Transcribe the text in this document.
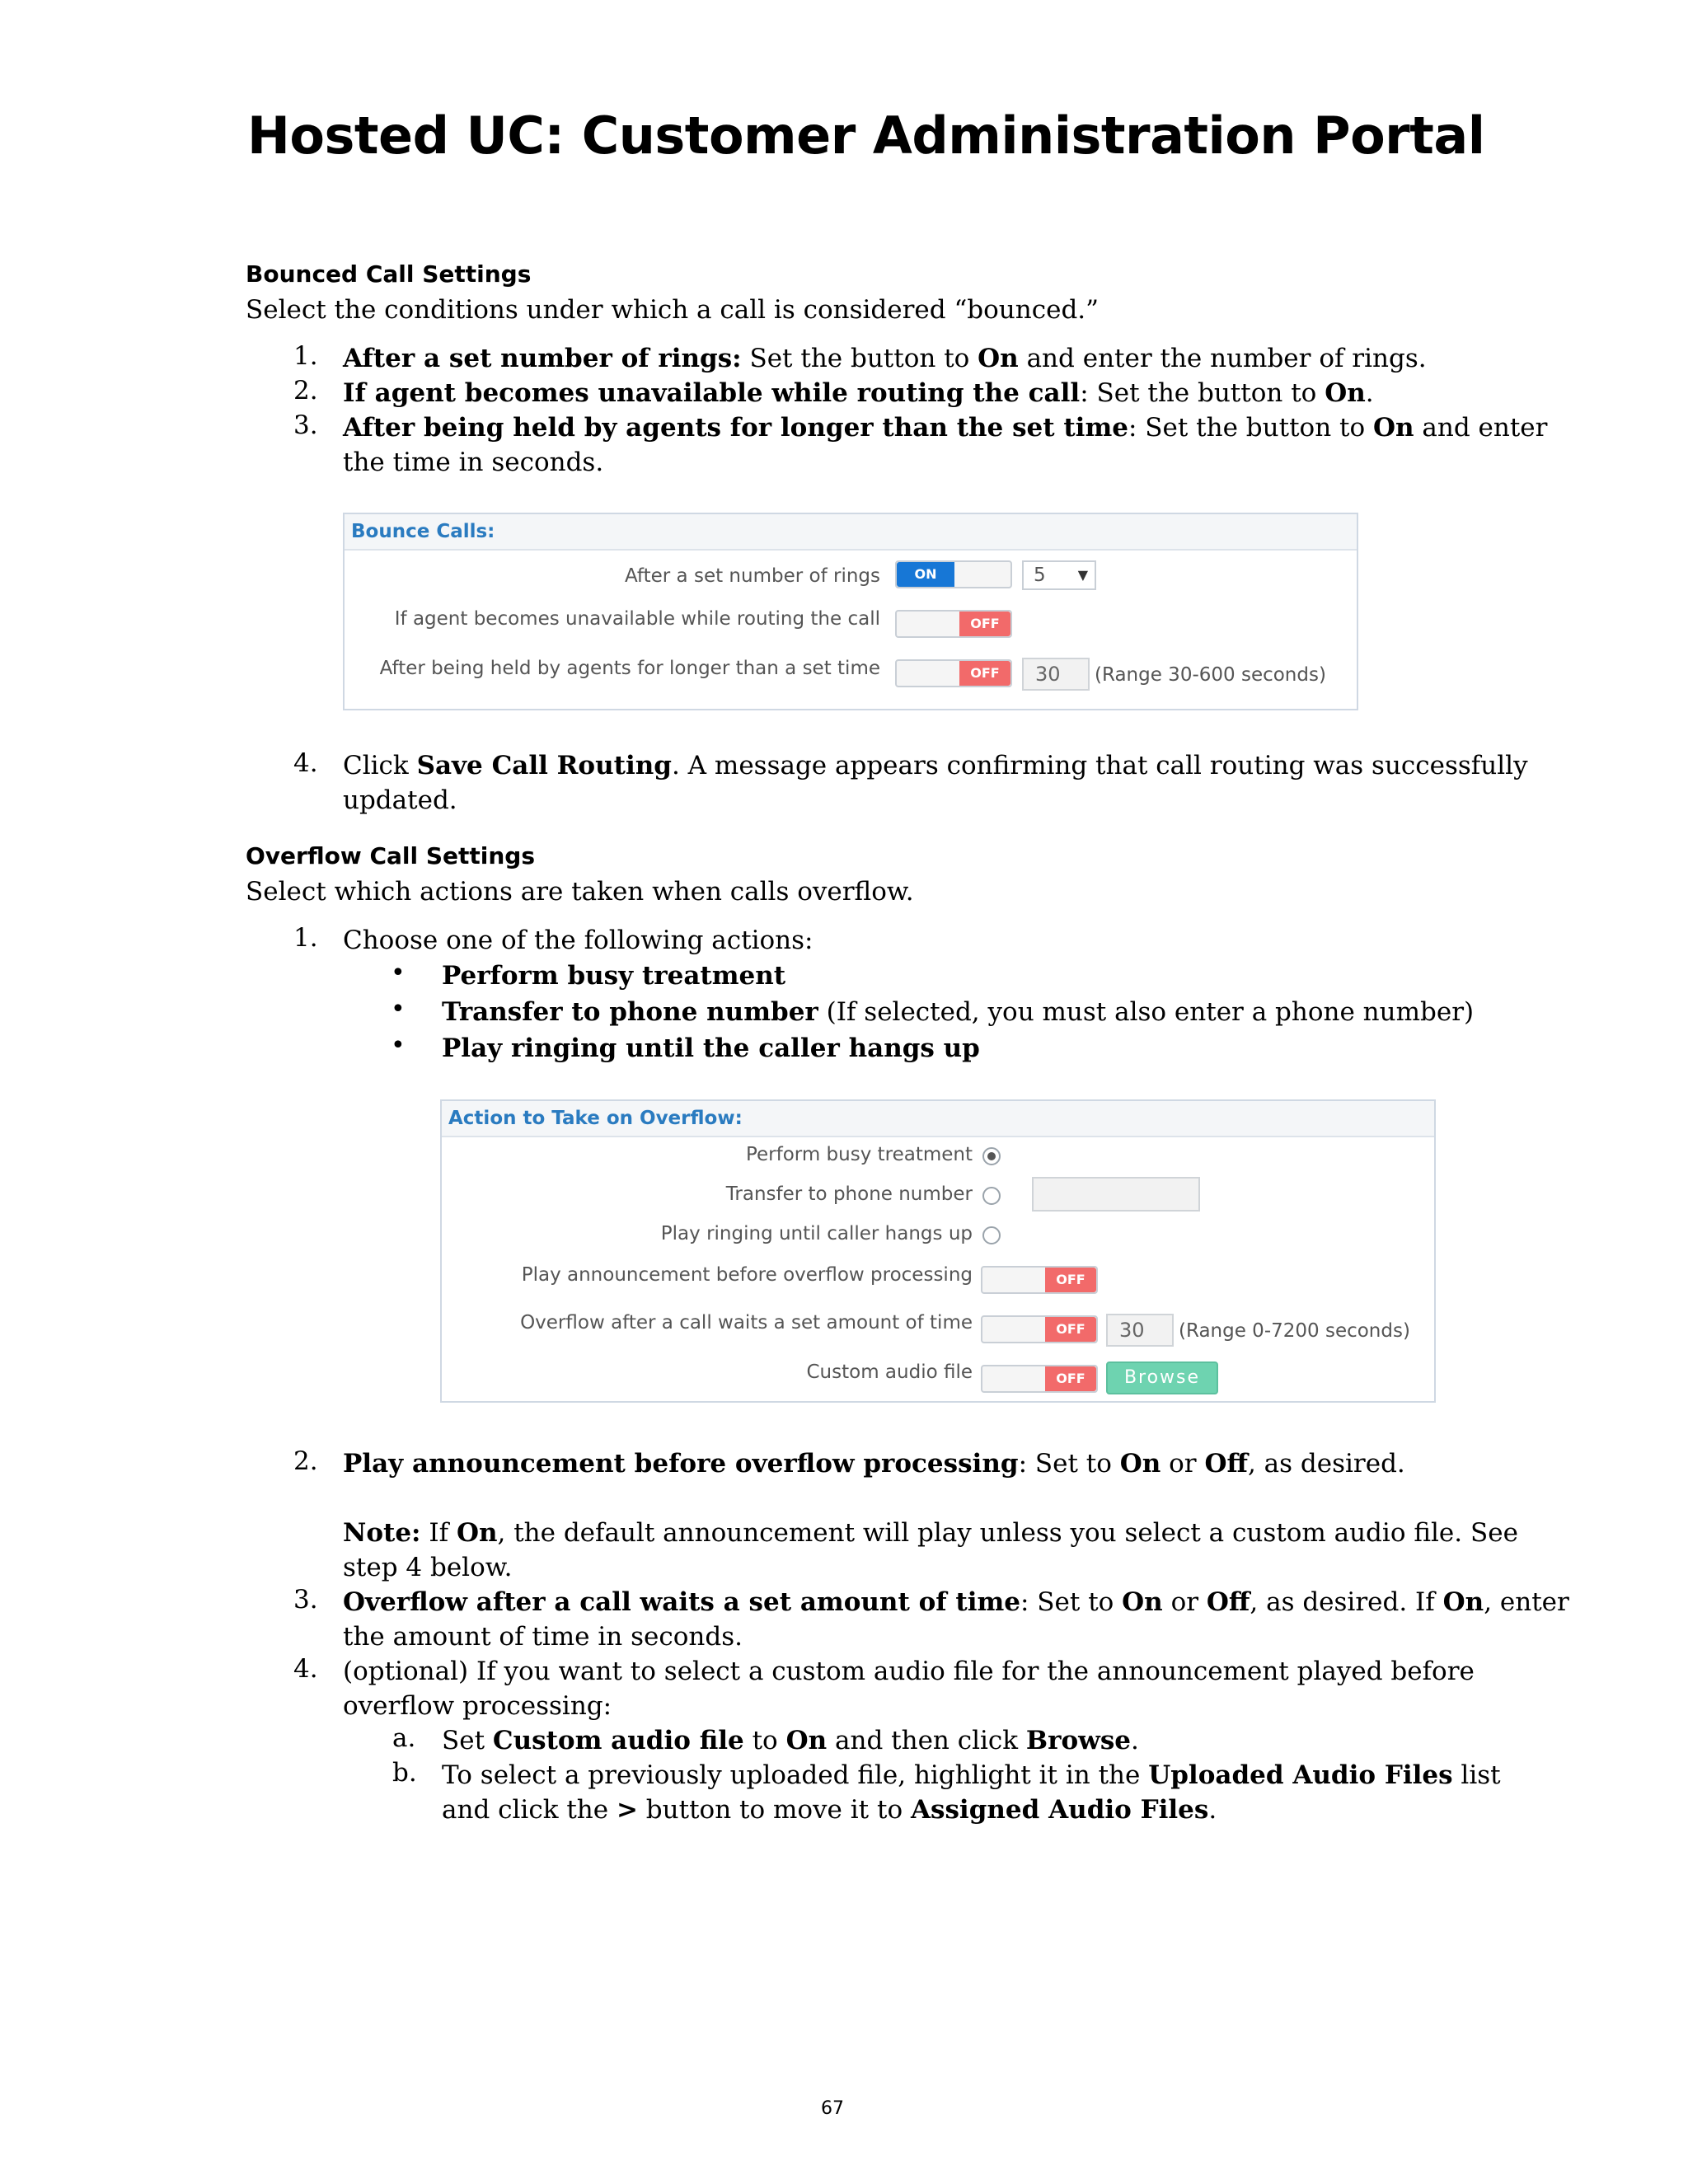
Hosted UC: Customer Administration Portal
Bounced Call Settings
Select the conditions under which a call is considered “bounced.”
1. After a set number of rings: Set the button to On and enter the number of rings.
2. If agent becomes unavailable while routing the call: Set the button to On.
3. After being held by agents for longer than the set time: Set the button to On and enter
the time in seconds.
Bounce Calls:
After a set number of rings	ON	5 ▼
If agent becomes unavailable while routing the call	OFF
After being held by agents for longer than a set time	OFF	30	(Range 30-600 seconds)
4. Click Save Call Routing. A message appears confirming that call routing was successfully
updated.
Overflow Call Settings
Select which actions are taken when calls overflow.
1. Choose one of the following actions:
• Perform busy treatment
• Transfer to phone number (If selected, you must also enter a phone number)
• Play ringing until the caller hangs up
Action to Take on Overflow:
Perform busy treatment
Transfer to phone number
Play ringing until caller hangs up
Play announcement before overflow processing	OFF
Overflow after a call waits a set amount of time	OFF	30	(Range 0-7200 seconds)
Custom audio file	OFF	Browse
2. Play announcement before overflow processing: Set to On or Off, as desired.
Note: If On, the default announcement will play unless you select a custom audio file. See
step 4 below.
3. Overflow after a call waits a set amount of time: Set to On or Off, as desired. If On, enter
the amount of time in seconds.
4. (optional) If you want to select a custom audio file for the announcement played before
overflow processing:
a. Set Custom audio file to On and then click Browse.
b. To select a previously uploaded file, highlight it in the Uploaded Audio Files list
and click the > button to move it to Assigned Audio Files.
67
